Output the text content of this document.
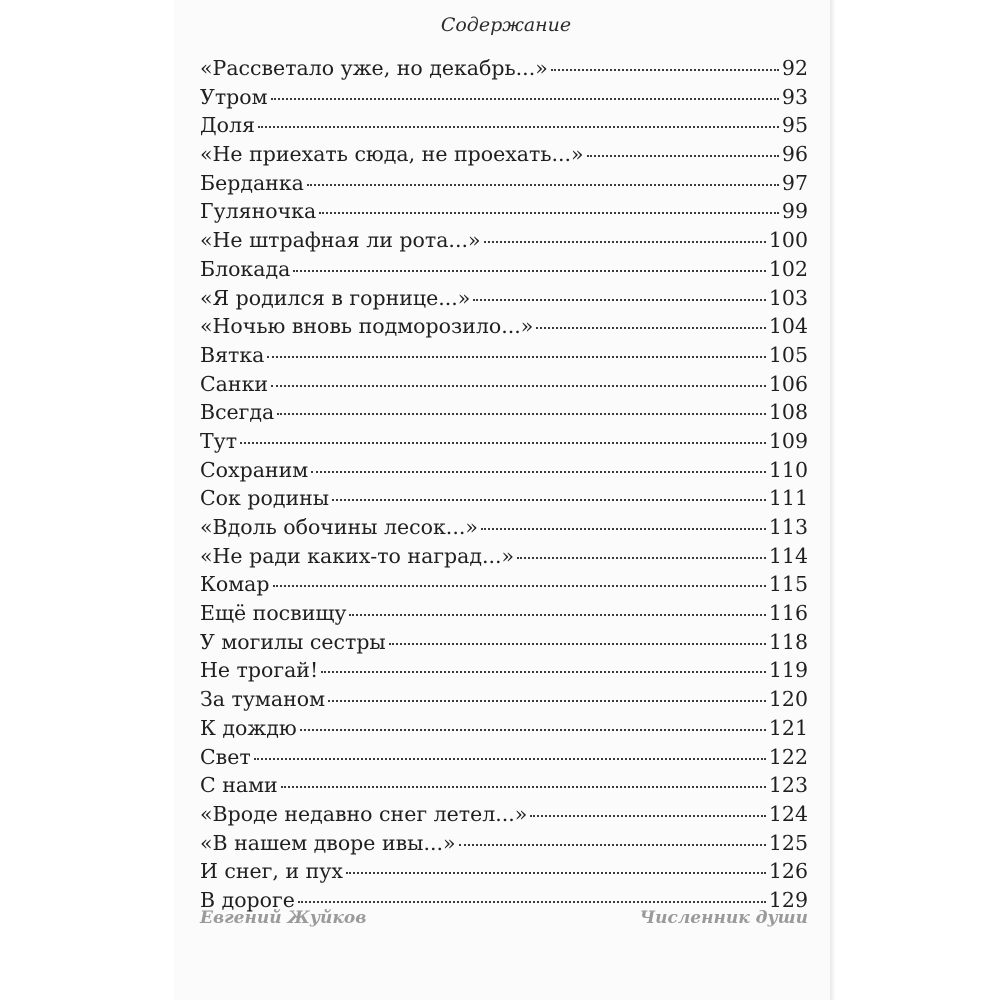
Содержание
«Рассветало уже, но декабрь...»	92
Утром	93
Доля	95
«Не приехать сюда, не проехать...»	96
Берданка	97
Гуляночка	99
«Не штрафная ли рота...»	100
Блокада	102
«Я родился в горнице...»	103
«Ночью вновь подморозило...»	104
Вятка	105
Санки	106
Всегда	108
Тут	109
Сохраним	110
Сок родины	111
«Вдоль обочины лесок...»	113
«Не ради каких-то наград...»	114
Комар	115
Ещё посвищу	116
У могилы сестры	118
Не трогай!	119
За туманом	120
К дождю	121
Свет	122
С нами	123
«Вроде недавно снег летел...»	124
«В нашем дворе ивы...»	125
И снег, и пух	126
В дороге	129
Евгений Жуйков	Численник души
